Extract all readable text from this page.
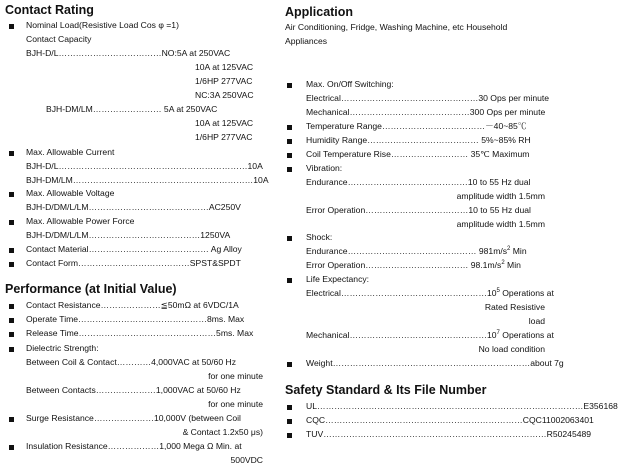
Contact Rating
Nominal Load(Resistive Load Cos φ =1)
Contact Capacity
BJH-D/L………………………………NO:5A at 250VAC
10A at 125VAC
1/6HP 277VAC
NC:3A 250VAC
BJH-DM/LM…………………… 5A at 250VAC
10A at 125VAC
1/6HP 277VAC
Max. Allowable Current
BJH-D/L…………………………………………………………10A
BJH-DM/LM………………………………………………………10A
Max. Allowable Voltage
BJH-D/DM/L/LM……………………………………AC250V
Max. Allowable Power Force
BJH-D/DM/L/LM…………………………………1250VA
Contact Material…………………………………… Ag Alloy
Contact Form…………………………………SPST&SPDT
Performance (at Initial Value)
Contact Resistance…………………≦50mΩ at 6VDC/1A
Operate Time………………………………………8ms. Max
Release Time…………………………………………5ms. Max
Dielectric Strength:
Between Coil & Contact…………4,000VAC at 50/60 Hz
for one minute
Between Contacts…………………1,000VAC at 50/60 Hz
for one minute
Surge Resistance…………………10,000V (between Coil
& Contact 1.2x50 μs)
Insulation Resistance………………1,000 Mega Ω Min. at
500VDC
Application
Air Conditioning, Fridge, Washing Machine, etc Household
Appliances
Max. On/Off Switching:
Electrical…………………………………………30 Ops per minute
Mechanical……………………………………300 Ops per minute
Temperature Range………………………………－40~85℃
Humidity Range………………………………… 5%~85% RH
Coil Temperature Rise……………………… 35℃ Maximum
Vibration:
Endurance……………………………………10 to 55 Hz dual
amplitude width 1.5mm
Error Operation………………………………10 to 55 Hz dual
amplitude width 1.5mm
Shock:
Endurance……………………………………… $981m/s^2$ Min
Error Operation……………………………… $98.1m/s^2$ Min
Life Expectancy:
$Electrical\dots\dots\dots\dots\dots\dots\dots\dots\dots\dots\dots\dots\dots\dots\dots\dots\dots 10^5$ Operations at
Rated Resistive
load
$Mechanical\dots\dots\dots\dots\dots\dots\dots\dots\dots\dots\dots\dots\dots\dots\dots\dots 10^7$ Operations at
No load condition
Weight……………………………………………………………about 7g
Safety Standard & Its File Number
UL…………………………………………………………………………………E356168
CQC……………………………………………………………CQC11002063401
TUV……………………………………………………………………R50245489
